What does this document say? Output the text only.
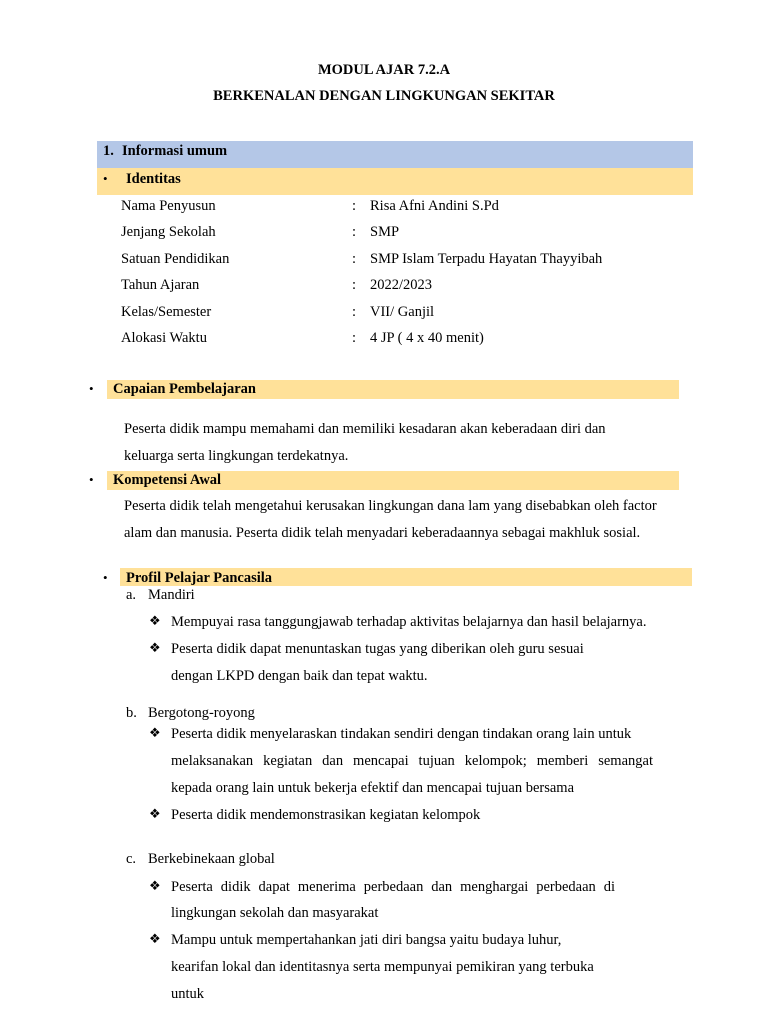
MODUL AJAR 7.2.A
BERKENALAN DENGAN LINGKUNGAN SEKITAR
1. Informasi umum
• Identitas
Nama Penyusun	: Risa Afni Andini S.Pd
Jenjang Sekolah	: SMP
Satuan Pendidikan	: SMP Islam Terpadu Hayatan Thayyibah
Tahun Ajaran	: 2022/2023
Kelas/Semester	: VII/ Ganjil
Alokasi Waktu	: 4 JP ( 4 x 40 menit)
• Capaian Pembelajaran
Peserta didik mampu memahami dan memiliki kesadaran akan keberadaan diri dan
keluarga serta lingkungan terdekatnya.
• Kompetensi Awal
Peserta didik telah mengetahui kerusakan lingkungan dana lam yang disebabkan oleh factor
alam dan manusia. Peserta didik telah menyadari keberadaannya sebagai makhluk sosial.
• Profil Pelajar Pancasila
a. Mandiri
❖ Mempuyai rasa tanggungjawab terhadap aktivitas belajarnya dan hasil belajarnya.
❖ Peserta didik dapat menuntaskan tugas yang diberikan oleh guru sesuai
dengan LKPD dengan baik dan tepat waktu.
b. Bergotong-royong
❖ Peserta didik menyelaraskan tindakan sendiri dengan tindakan orang lain untuk
melaksanakan kegiatan dan mencapai tujuan kelompok; memberi semangat
kepada orang lain untuk bekerja efektif dan mencapai tujuan bersama
❖ Peserta didik mendemonstrasikan kegiatan kelompok
c. Berkebinekaan global
❖ Peserta didik dapat menerima perbedaan dan menghargai perbedaan di
lingkungan sekolah dan masyarakat
❖ Mampu untuk mempertahankan jati diri bangsa yaitu budaya luhur,
kearifan lokal dan identitasnya serta mempunyai pemikiran yang terbuka
untuk
